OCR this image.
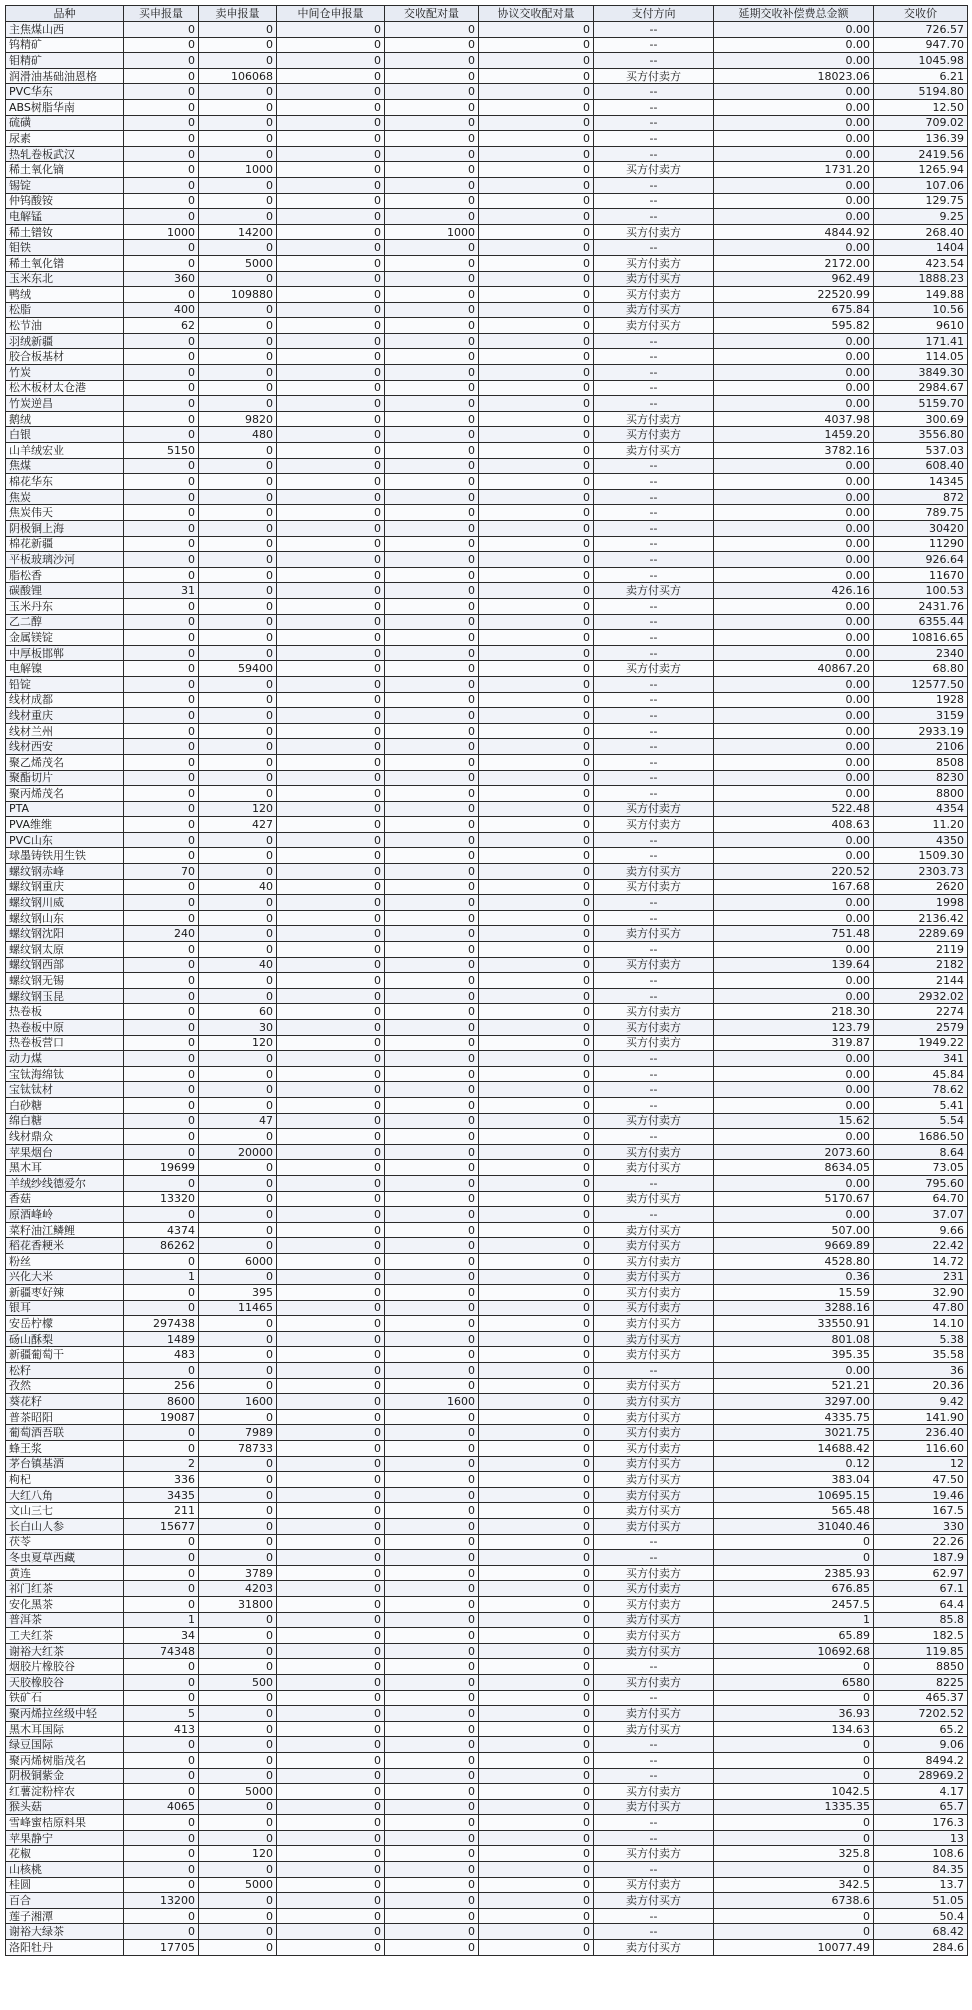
品种	买申报量	卖申报量	中间仓申报量	交收配对量	协议交收配对量	支付方向	延期交收补偿费总金额	交收价
主焦煤山西	0	0	0	0	0	--	0.00	726.57
钨精矿	0	0	0	0	0	--	0.00	947.70
钼精矿	0	0	0	0	0	--	0.00	1045.98
润滑油基础油恩格	0	106068	0	0	0	买方付卖方	18023.06	6.21
PVC华东	0	0	0	0	0	--	0.00	5194.80
ABS树脂华南	0	0	0	0	0	--	0.00	12.50
硫磺	0	0	0	0	0	--	0.00	709.02
尿素	0	0	0	0	0	--	0.00	136.39
热轧卷板武汉	0	0	0	0	0	--	0.00	2419.56
稀土氧化镝	0	1000	0	0	0	买方付卖方	1731.20	1265.94
锡锭	0	0	0	0	0	--	0.00	107.06
仲钨酸铵	0	0	0	0	0	--	0.00	129.75
电解锰	0	0	0	0	0	--	0.00	9.25
稀土镨钕	1000	14200	0	1000	0	买方付卖方	4844.92	268.40
钼铁	0	0	0	0	0	--	0.00	1404
稀土氧化镨	0	5000	0	0	0	买方付卖方	2172.00	423.54
玉米东北	360	0	0	0	0	卖方付买方	962.49	1888.23
鸭绒	0	109880	0	0	0	买方付卖方	22520.99	149.88
松脂	400	0	0	0	0	卖方付买方	675.84	10.56
松节油	62	0	0	0	0	卖方付买方	595.82	9610
羽绒新疆	0	0	0	0	0	--	0.00	171.41
胶合板基材	0	0	0	0	0	--	0.00	114.05
竹炭	0	0	0	0	0	--	0.00	3849.30
松木板材太仓港	0	0	0	0	0	--	0.00	2984.67
竹炭逆昌	0	0	0	0	0	--	0.00	5159.70
鹅绒	0	9820	0	0	0	买方付卖方	4037.98	300.69
白银	0	480	0	0	0	买方付卖方	1459.20	3556.80
山羊绒宏业	5150	0	0	0	0	卖方付买方	3782.16	537.03
焦煤	0	0	0	0	0	--	0.00	608.40
棉花华东	0	0	0	0	0	--	0.00	14345
焦炭	0	0	0	0	0	--	0.00	872
焦炭伟天	0	0	0	0	0	--	0.00	789.75
阴极铜上海	0	0	0	0	0	--	0.00	30420
棉花新疆	0	0	0	0	0	--	0.00	11290
平板玻璃沙河	0	0	0	0	0	--	0.00	926.64
脂松香	0	0	0	0	0	--	0.00	11670
碳酸锂	31	0	0	0	0	卖方付买方	426.16	100.53
玉米丹东	0	0	0	0	0	--	0.00	2431.76
乙二醇	0	0	0	0	0	--	0.00	6355.44
金属镁锭	0	0	0	0	0	--	0.00	10816.65
中厚板邯郸	0	0	0	0	0	--	0.00	2340
电解镍	0	59400	0	0	0	买方付卖方	40867.20	68.80
铅锭	0	0	0	0	0	--	0.00	12577.50
线材成都	0	0	0	0	0	--	0.00	1928
线材重庆	0	0	0	0	0	--	0.00	3159
线材兰州	0	0	0	0	0	--	0.00	2933.19
线材西安	0	0	0	0	0	--	0.00	2106
聚乙烯茂名	0	0	0	0	0	--	0.00	8508
聚酯切片	0	0	0	0	0	--	0.00	8230
聚丙烯茂名	0	0	0	0	0	--	0.00	8800
PTA	0	120	0	0	0	买方付卖方	522.48	4354
PVA维维	0	427	0	0	0	买方付卖方	408.63	11.20
PVC山东	0	0	0	0	0	--	0.00	4350
球墨铸铁用生铁	0	0	0	0	0	--	0.00	1509.30
螺纹钢赤峰	70	0	0	0	0	卖方付买方	220.52	2303.73
螺纹钢重庆	0	40	0	0	0	买方付卖方	167.68	2620
螺纹钢川威	0	0	0	0	0	--	0.00	1998
螺纹钢山东	0	0	0	0	0	--	0.00	2136.42
螺纹钢沈阳	240	0	0	0	0	卖方付买方	751.48	2289.69
螺纹钢太原	0	0	0	0	0	--	0.00	2119
螺纹钢西部	0	40	0	0	0	买方付卖方	139.64	2182
螺纹钢无锡	0	0	0	0	0	--	0.00	2144
螺纹钢玉昆	0	0	0	0	0	--	0.00	2932.02
热卷板	0	60	0	0	0	买方付卖方	218.30	2274
热卷板中原	0	30	0	0	0	买方付卖方	123.79	2579
热卷板营口	0	120	0	0	0	买方付卖方	319.87	1949.22
动力煤	0	0	0	0	0	--	0.00	341
宝钛海绵钛	0	0	0	0	0	--	0.00	45.84
宝钛钛材	0	0	0	0	0	--	0.00	78.62
白砂糖	0	0	0	0	0	--	0.00	5.41
绵白糖	0	47	0	0	0	买方付卖方	15.62	5.54
线材鼎众	0	0	0	0	0	--	0.00	1686.50
苹果烟台	0	20000	0	0	0	买方付卖方	2073.60	8.64
黑木耳	19699	0	0	0	0	卖方付买方	8634.05	73.05
羊绒纱线德爱尔	0	0	0	0	0	--	0.00	795.60
香菇	13320	0	0	0	0	卖方付买方	5170.67	64.70
原酒峰岭	0	0	0	0	0	--	0.00	37.07
菜籽油江鳞鲤	4374	0	0	0	0	卖方付买方	507.00	9.66
稻花香粳米	86262	0	0	0	0	卖方付买方	9669.89	22.42
粉丝	0	6000	0	0	0	买方付卖方	4528.80	14.72
兴化大米	1	0	0	0	0	卖方付买方	0.36	231
新疆枣好辣	0	395	0	0	0	买方付卖方	15.59	32.90
银耳	0	11465	0	0	0	买方付卖方	3288.16	47.80
安岳柠檬	297438	0	0	0	0	卖方付买方	33550.91	14.10
砀山酥梨	1489	0	0	0	0	卖方付买方	801.08	5.38
新疆葡萄干	483	0	0	0	0	卖方付买方	395.35	35.58
松籽	0	0	0	0	0	--	0.00	36
孜然	256	0	0	0	0	卖方付买方	521.21	20.36
葵花籽	8600	1600	0	1600	0	卖方付买方	3297.00	9.42
普茶昭阳	19087	0	0	0	0	卖方付买方	4335.75	141.90
葡萄酒吾联	0	7989	0	0	0	买方付卖方	3021.75	236.40
蜂王浆	0	78733	0	0	0	买方付卖方	14688.42	116.60
茅台镇基酒	2	0	0	0	0	卖方付买方	0.12	12
枸杞	336	0	0	0	0	卖方付买方	383.04	47.50
大红八角	3435	0	0	0	0	卖方付买方	10695.15	19.46
文山三七	211	0	0	0	0	卖方付买方	565.48	167.5
长白山人参	15677	0	0	0	0	卖方付买方	31040.46	330
茯苓	0	0	0	0	0	--	0	22.26
冬虫夏草西藏	0	0	0	0	0	--	0	187.9
黄连	0	3789	0	0	0	买方付卖方	2385.93	62.97
祁门红茶	0	4203	0	0	0	买方付卖方	676.85	67.1
安化黑茶	0	31800	0	0	0	买方付卖方	2457.5	64.4
普洱茶	1	0	0	0	0	卖方付买方	1	85.8
工夫红茶	34	0	0	0	0	卖方付买方	65.89	182.5
谢裕大红茶	74348	0	0	0	0	卖方付买方	10692.68	119.85
烟胶片橡胶谷	0	0	0	0	0	--	0	8850
天胶橡胶谷	0	500	0	0	0	买方付卖方	6580	8225
铁矿石	0	0	0	0	0	--	0	465.37
聚丙烯拉丝级中轻	5	0	0	0	0	卖方付买方	36.93	7202.52
黑木耳国际	413	0	0	0	0	卖方付买方	134.63	65.2
绿豆国际	0	0	0	0	0	--	0	9.06
聚丙烯树脂茂名	0	0	0	0	0	--	0	8494.2
阴极铜紫金	0	0	0	0	0	--	0	28969.2
红薯淀粉梓农	0	5000	0	0	0	买方付卖方	1042.5	4.17
猴头菇	4065	0	0	0	0	卖方付买方	1335.35	65.7
雪峰蜜桔原料果	0	0	0	0	0	--	0	176.3
苹果静宁	0	0	0	0	0	--	0	13
花椒	0	120	0	0	0	买方付卖方	325.8	108.6
山核桃	0	0	0	0	0	--	0	84.35
桂圆	0	5000	0	0	0	买方付卖方	342.5	13.7
百合	13200	0	0	0	0	卖方付买方	6738.6	51.05
莲子湘潭	0	0	0	0	0	--	0	50.4
谢裕大绿茶	0	0	0	0	0	--	0	68.42
洛阳牡丹	17705	0	0	0	0	卖方付买方	10077.49	284.6
